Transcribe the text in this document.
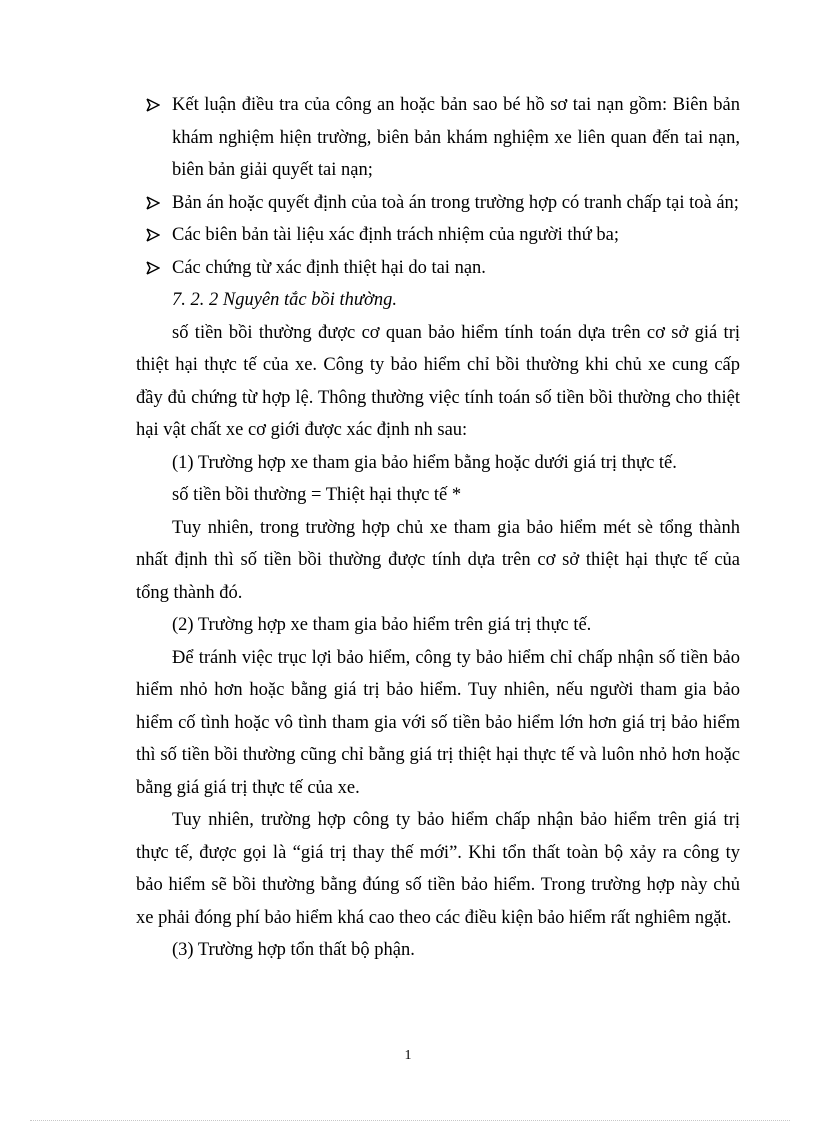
Kết luận điều tra của công an hoặc bản sao bé hồ sơ tai nạn gồm: Biên bản khám nghiệm hiện trường, biên bản khám nghiệm xe liên quan đến tai nạn, biên bản giải quyết tai nạn;
Bản án hoặc quyết định của toà án trong trường hợp có tranh chấp tại toà án;
Các biên bản tài liệu xác định trách nhiệm của người thứ ba;
Các chứng từ xác định thiệt hại do tai nạn.
7. 2. 2 Nguyên tắc bồi thường.
số tiền bồi thường được cơ quan bảo hiểm tính toán dựa trên cơ sở giá trị thiệt hại thực tế của xe. Công ty bảo hiểm chỉ bồi thường khi chủ xe cung cấp đầy đủ chứng từ hợp lệ. Thông thường việc tính toán số tiền bồi thường cho thiệt hại vật chất xe cơ giới được xác định nh sau:
(1) Trường hợp xe tham gia bảo hiểm bằng hoặc dưới giá trị thực tế.
số tiền bồi thường = Thiệt hại thực tế *
Tuy nhiên, trong trường hợp chủ xe tham gia bảo hiểm mét sè tổng thành nhất định thì số tiền bồi thường được tính dựa trên cơ sở thiệt hại thực tế của tổng thành đó.
(2) Trường hợp xe tham gia bảo hiểm trên giá trị thực tế.
Để tránh việc trục lợi bảo hiểm, công ty bảo hiểm chỉ chấp nhận số tiền bảo hiểm nhỏ hơn hoặc bằng giá trị bảo hiểm. Tuy nhiên, nếu người tham gia bảo hiểm cố tình hoặc vô tình tham gia với số tiền bảo hiểm lớn hơn giá trị bảo hiểm thì số tiền bồi thường cũng chỉ bằng giá trị thiệt hại thực tế và luôn nhỏ hơn hoặc bằng giá giá trị thực tế của xe.
Tuy nhiên, trường hợp công ty bảo hiểm chấp nhận bảo hiểm trên giá trị thực tế, được gọi là “giá trị thay thế mới”. Khi tổn thất toàn bộ xảy ra công ty bảo hiểm sẽ bồi thường bằng đúng số tiền bảo hiểm. Trong trường hợp này chủ xe phải đóng phí bảo hiểm khá cao theo các điều kiện bảo hiểm rất nghiêm ngặt.
(3) Trường hợp tổn thất bộ phận.
1
